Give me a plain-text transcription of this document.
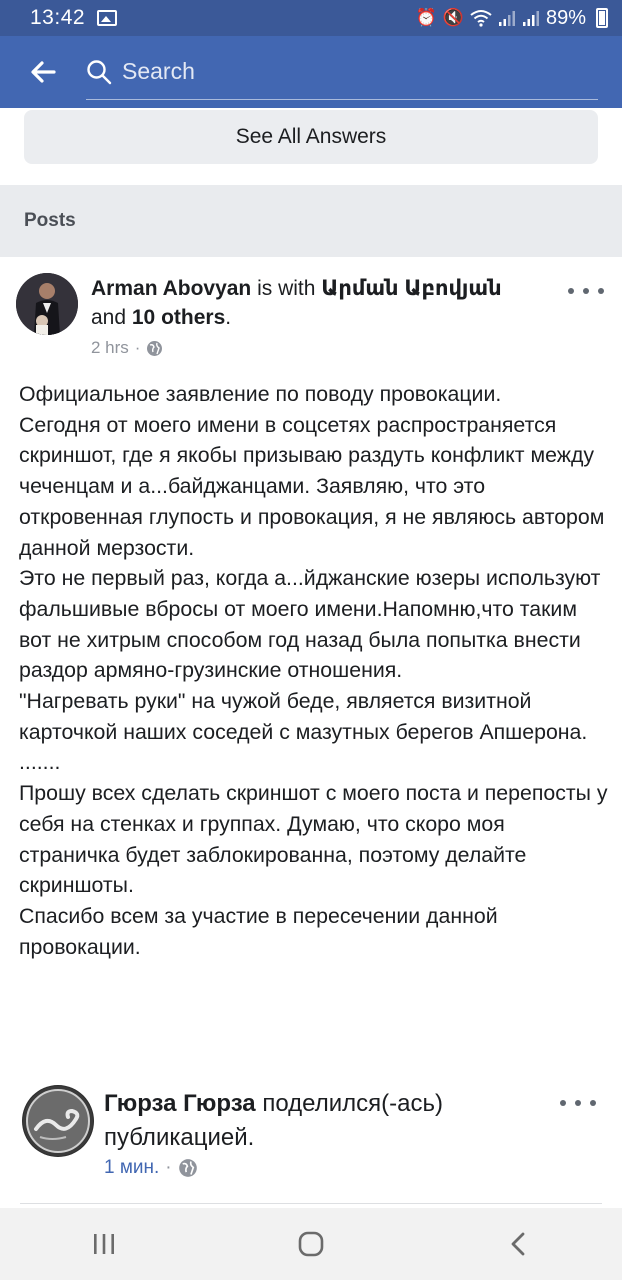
13:42	⏰ 🔇	89%
Search
See All Answers
Posts
Arman Abovyan is with Արման Աբովյան and 10 others.
2 hrs ·
Официальное заявление по поводу провокации.
Сегодня от моего имени в соцсетях распространяется скриншот, где я якобы призываю раздуть конфликт между чеченцам и а...байджанцами. Заявляю, что это откровенная глупость и провокация, я не являюсь автором данной мерзости.
Это не первый раз, когда а...йджанские юзеры используют фальшивые вбросы от моего имени.Напомню,что таким вот не хитрым способом год назад была попытка внести раздор армяно-грузинские отношения.
"Нагревать руки" на чужой беде, является визитной карточкой наших соседей с мазутных берегов Апшерона.
.......
Прошу всех сделать скриншот с моего поста и перепосты у себя на стенках и группах. Думаю, что скоро моя страничка будет заблокированна, поэтому делайте скриншоты.
Спасибо всем за участие в пересечении данной провокации.
Гюрза Гюрза поделился(-ась) публикацией.
1 мин. ·
